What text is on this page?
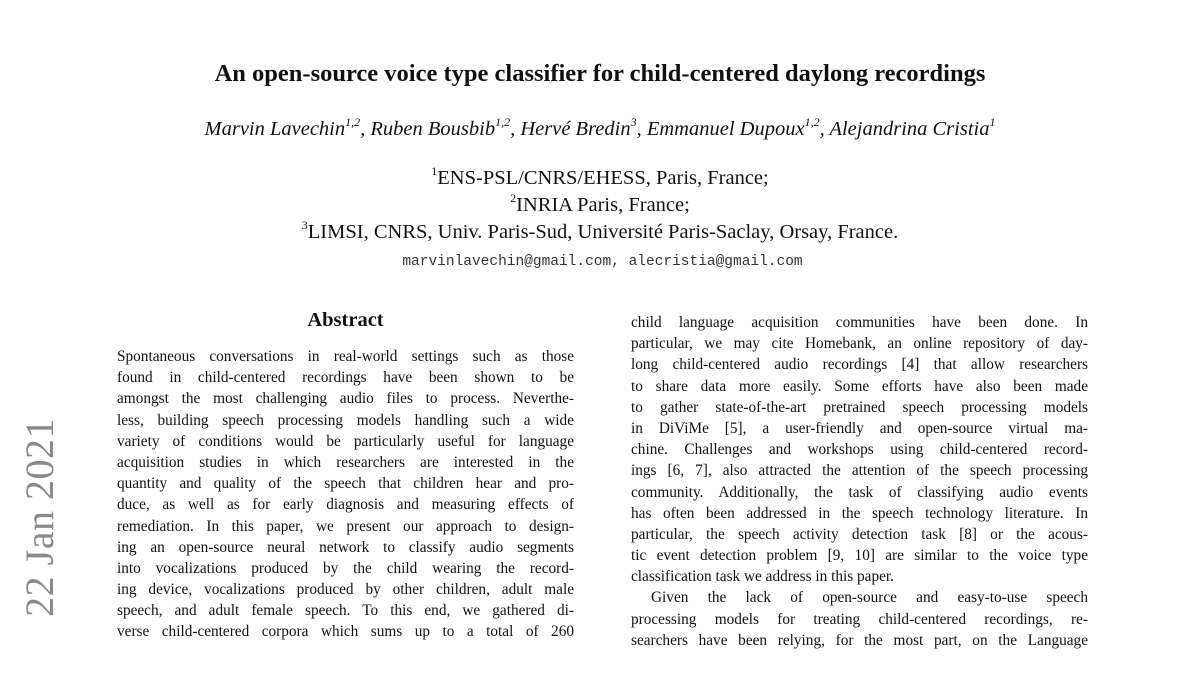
An open-source voice type classifier for child-centered daylong recordings
Marvin Lavechin$^{1,2}$, Ruben Bousbib$^{1,2}$, Hervé Bredin$^3$, Emmanuel Dupoux$^{1,2}$, Alejandrina Cristia$^1$
$^1$ENS-PSL/CNRS/EHESS, Paris, France;
$^2$INRIA Paris, France;
$^3$LIMSI, CNRS, Univ. Paris-Sud, Université Paris-Saclay, Orsay, France.
marvinlavechin@gmail.com, alecristia@gmail.com
Abstract
Spontaneous conversations in real-world settings such as those
found in child-centered recordings have been shown to be
amongst the most challenging audio files to process. Neverthe-
less, building speech processing models handling such a wide
variety of conditions would be particularly useful for language
acquisition studies in which researchers are interested in the
quantity and quality of the speech that children hear and pro-
duce, as well as for early diagnosis and measuring effects of
remediation. In this paper, we present our approach to design-
ing an open-source neural network to classify audio segments
into vocalizations produced by the child wearing the record-
ing device, vocalizations produced by other children, adult male
speech, and adult female speech. To this end, we gathered di-
verse child-centered corpora which sums up to a total of 260
child language acquisition communities have been done. In
particular, we may cite Homebank, an online repository of day-
long child-centered audio recordings [4] that allow researchers
to share data more easily. Some efforts have also been made
to gather state-of-the-art pretrained speech processing models
in DiViMe [5], a user-friendly and open-source virtual ma-
chine. Challenges and workshops using child-centered record-
ings [6, 7], also attracted the attention of the speech processing
community. Additionally, the task of classifying audio events
has often been addressed in the speech technology literature. In
particular, the speech activity detection task [8] or the acous-
tic event detection problem [9, 10] are similar to the voice type
classification task we address in this paper.
Given the lack of open-source and easy-to-use speech
processing models for treating child-centered recordings, re-
searchers have been relying, for the most part, on the Language
22 Jan 2021
